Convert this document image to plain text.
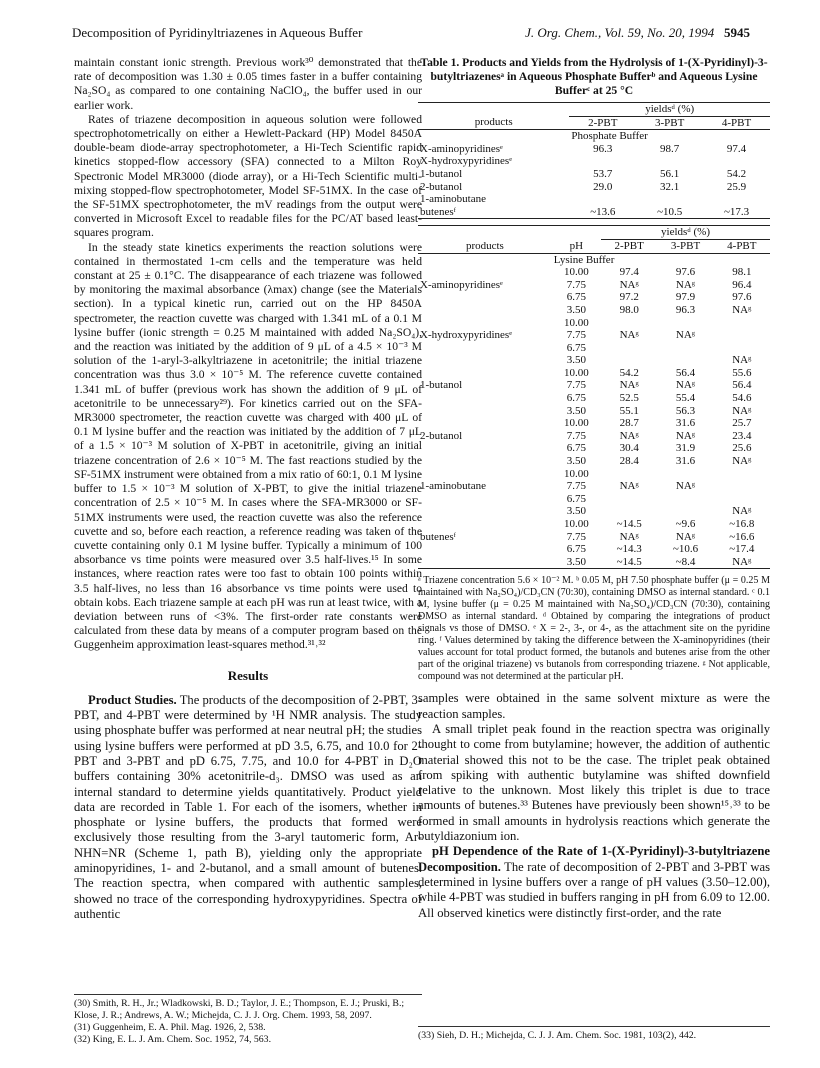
Decomposition of Pyridinyltriazenes in Aqueous Buffer	J. Org. Chem., Vol. 59, No. 20, 1994 5945

maintain constant ionic strength. Previous work³⁰ demonstrated that the rate of decomposition was 1.30 ± 0.05 times faster in a buffer containing Na₂SO₄ as compared to one containing NaClO₄, the buffer used in our earlier work.

Rates of triazene decomposition in aqueous solution were followed spectrophotometrically on either a Hewlett-Packard (HP) Model 8450A double-beam diode-array spectrophotometer, a Hi-Tech Scientific rapid kinetics stopped-flow accessory (SFA) connected to a Milton Roy Spectronic Model MR3000 (diode array), or a Hi-Tech Scientific multi-mixing stopped-flow spectrophotometer, Model SF-51MX. In the case of the SF-51MX spectrophotometer, the mV readings from the output were converted in Microsoft Excel to readable files for the PC/AT based least-squares program.

In the steady state kinetics experiments the reaction solutions were contained in thermostated 1-cm cells and the temperature was held constant at 25 ± 0.1°C. The disappearance of each triazene was followed by monitoring the maximal absorbance (λmax) change (see the Materials section). In a typical kinetic run, carried out on the HP 8450A spectrometer, the reaction cuvette was charged with 1.341 mL of a 0.1 M lysine buffer (ionic strength = 0.25 M maintained with added Na₂SO₄), and the reaction was initiated by the addition of 9 μL of a 4.5 × 10⁻³ M solution of the 1-aryl-3-alkyltriazene in acetonitrile; the initial triazene concentration was thus 3.0 × 10⁻⁵ M. The reference cuvette contained 1.341 mL of buffer (previous work has shown the addition of 9 μL of acetonitrile to be unnecessary²⁹). For kinetics carried out on the SFA-MR3000 spectrometer, the reaction cuvette was charged with 400 μL of 0.1 M lysine buffer and the reaction was initiated by the addition of 7 μL of a 1.5 × 10⁻³ M solution of X-PBT in acetonitrile, giving an initial triazene concentration of 2.6 × 10⁻⁵ M. The fast reactions studied by the SF-51MX instrument were obtained from a mix ratio of 60:1, 0.1 M lysine buffer to 1.5 × 10⁻³ M solution of X-PBT, to give the initial triazene concentration of 2.5 × 10⁻⁵ M. In cases where the SFA-MR3000 or SF-51MX instruments were used, the reaction cuvette was also the reference cuvette and so, before each reaction, a reference reading was taken of the cuvette containing only 0.1 M lysine buffer. Typically a minimum of 100 absorbance vs time points were measured over 3.5 half-lives.¹⁵ In some instances, where reaction rates were too fast to obtain 100 points within 3.5 half-lives, no less than 16 absorbance vs time points were used to obtain kobs. Each triazene sample at each pH was run at least twice, with a deviation between runs of <3%. The first-order rate constants were calculated from these data by means of a computer program based on the Guggenheim approximation least-squares method.³¹˒³²

Results

Product Studies. The products of the decomposition of 2-PBT, 3-PBT, and 4-PBT were determined by ¹H NMR analysis. The study using phosphate buffer was performed at near neutral pH; the studies using lysine buffers were performed at pD 3.5, 6.75, and 10.0 for 2-PBT and 3-PBT and pD 6.75, 7.75, and 10.0 for 4-PBT in D₂O buffers containing 30% acetonitrile-d₃. DMSO was used as an internal standard to determine yields quantitatively. Product yield data are recorded in Table 1. For each of the isomers, whether in phosphate or lysine buffers, the products that formed were exclusively those resulting from the 3-aryl tautomeric form, Ar-NHN=NR (Scheme 1, path B), yielding only the appropriate aminopyridines, 1- and 2-butanol, and a small amount of butenes. The reaction spectra, when compared with authentic samples, showed no trace of the corresponding hydroxypyridines. Spectra of authentic

(30) Smith, R. H., Jr.; Wladkowski, B. D.; Taylor, J. E.; Thompson, E. J.; Pruski, B.; Klose, J. R.; Andrews, A. W.; Michejda, C. J. J. Org. Chem. 1993, 58, 2097.
(31) Guggenheim, E. A. Phil. Mag. 1926, 2, 538.
(32) King, E. L. J. Am. Chem. Soc. 1952, 74, 563.
Table 1. Products and Yields from the Hydrolysis of 1-(X-Pyridinyl)-3-butyltriazenesᵃ in Aqueous Phosphate Bufferᵇ and Aqueous Lysine Bufferᶜ at 25 °C
	yieldsᵈ (%)		
products	2-PBT	3-PBT	4-PBT
	Phosphate Buffer		
X-aminopyridinesᵉ	96.3	98.7	97.4
X-hydroxypyridinesᵉ			
1-butanol	53.7	56.1	54.2
2-butanol	29.0	32.1	25.9
1-aminobutane			
butenesᶠ	~13.6	~10.5	~17.3
		yieldsᵈ (%)		
products	pH	2-PBT	3-PBT	4-PBT
	Lysine Buffer			
	10.00	97.4	97.6	98.1
X-aminopyridinesᵉ	7.75	NAᵍ	NAᵍ	96.4
	6.75	97.2	97.9	97.6
	3.50	98.0	96.3	NAᵍ
	10.00			
X-hydroxypyridinesᵉ	7.75	NAᵍ	NAᵍ	
	6.75			
	3.50			NAᵍ
	10.00	54.2	56.4	55.6
1-butanol	7.75	NAᵍ	NAᵍ	56.4
	6.75	52.5	55.4	54.6
	3.50	55.1	56.3	NAᵍ
	10.00	28.7	31.6	25.7
2-butanol	7.75	NAᵍ	NAᵍ	23.4
	6.75	30.4	31.9	25.6
	3.50	28.4	31.6	NAᵍ
	10.00			
1-aminobutane	7.75	NAᵍ	NAᵍ	
	6.75			
	3.50			NAᵍ
	10.00	~14.5	~9.6	~16.8
butenesᶠ	7.75	NAᵍ	NAᵍ	~16.6
	6.75	~14.3	~10.6	~17.4
	3.50	~14.5	~8.4	NAᵍ
ᵃ Triazene concentration 5.6 × 10⁻² M. ᵇ 0.05 M, pH 7.50 phosphate buffer (μ = 0.25 M maintained with Na₂SO₄)/CD₃CN (70:30), containing DMSO as internal standard. ᶜ 0.1 M, lysine buffer (μ = 0.25 M maintained with Na₂SO₄)/CD₃CN (70:30), containing DMSO as internal standard. ᵈ Obtained by comparing the integrations of product signals vs those of DMSO. ᵉ X = 2-, 3-, or 4-, as the attachment site on the pyridine ring. ᶠ Values determined by taking the difference between the X-aminopyridines (their values account for total product formed, the butanols and butenes arise from the other part of the original triazene) vs butanols from corresponding triazene. ᵍ Not applicable, compound was not determined at the particular pH.

samples were obtained in the same solvent mixture as were the reaction samples.

A small triplet peak found in the reaction spectra was originally thought to come from butylamine; however, the addition of authentic material showed this not to be the case. The triplet peak obtained from spiking with authentic butylamine was shifted downfield relative to the unknown. Most likely this triplet is due to trace amounts of butenes.³³ Butenes have previously been shown¹⁵˒³³ to be formed in small amounts in hydrolysis reactions which generate the butyldiazonium ion.

pH Dependence of the Rate of 1-(X-Pyridinyl)-3-butyltriazene Decomposition. The rate of decomposition of 2-PBT and 3-PBT was determined in lysine buffers over a range of pH values (3.50–12.00), while 4-PBT was studied in buffers ranging in pH from 6.09 to 12.00. All observed kinetics were distinctly first-order, and the rate

(33) Sieh, D. H.; Michejda, C. J. J. Am. Chem. Soc. 1981, 103(2), 442.
